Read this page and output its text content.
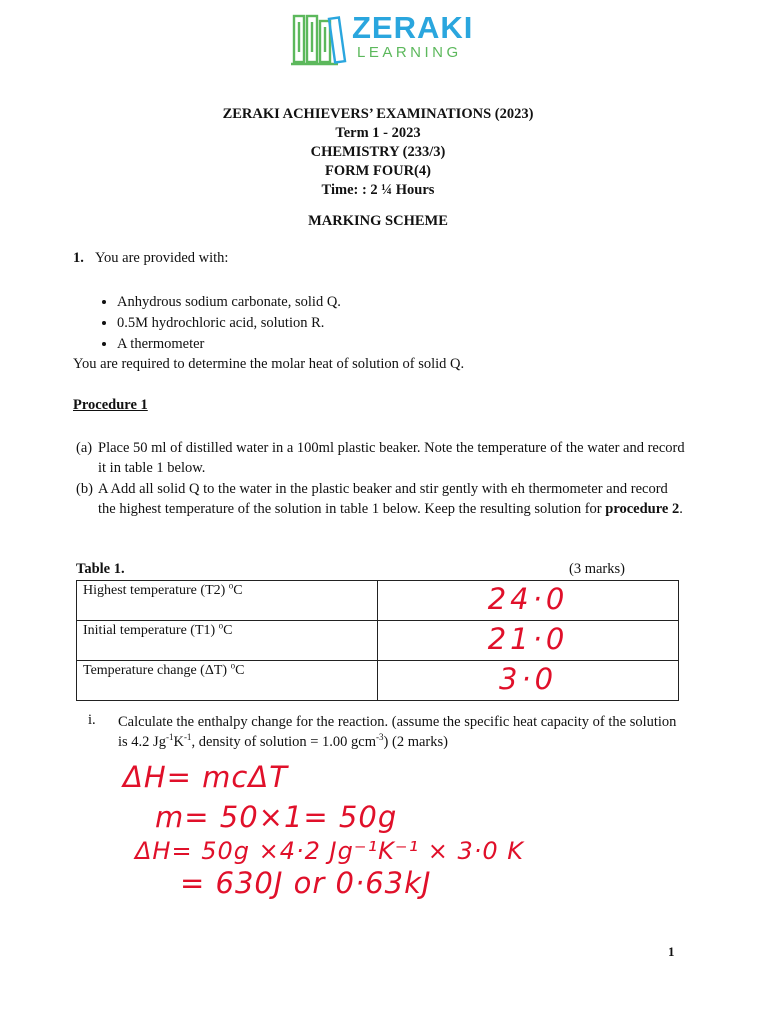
ZERAKI
LEARNING
ZERAKI ACHIEVERS’ EXAMINATIONS (2023)
Term 1 - 2023
CHEMISTRY (233/3)
FORM FOUR(4)
Time: : 2 ¼ Hours
MARKING SCHEME
1. You are provided with:
• Anhydrous sodium carbonate, solid Q.
• 0.5M hydrochloric acid, solution R.
• A thermometer
You are required to determine the molar heat of solution of solid Q.
Procedure 1
(a) Place 50 ml of distilled water in a 100ml plastic beaker. Note the temperature of the water and record it in table 1 below.
(b) A Add all solid Q to the water in the plastic beaker and stir gently with eh thermometer and record the highest temperature of the solution in table 1 below. Keep the resulting solution for procedure 2.
Table 1.	(3 marks)
Highest temperature (T2) $^o$C	24·0

Initial temperature (T1) $^o$C	21·0

Temperature change (ΔT) $^o$C	3·0
i. Calculate the enthalpy change for the reaction. (assume the specific heat capacity of the solution is 4.2 $Jg^{-1}K^{-1}$, density of solution = 1.00 gcm$^{-3}$) (2 marks)
ΔH= mcΔT
m= 50×1= 50g
ΔH= 50g ×4·2 Jg⁻¹K⁻¹ × 3·0 K
= 630J or 0·63kJ
1
